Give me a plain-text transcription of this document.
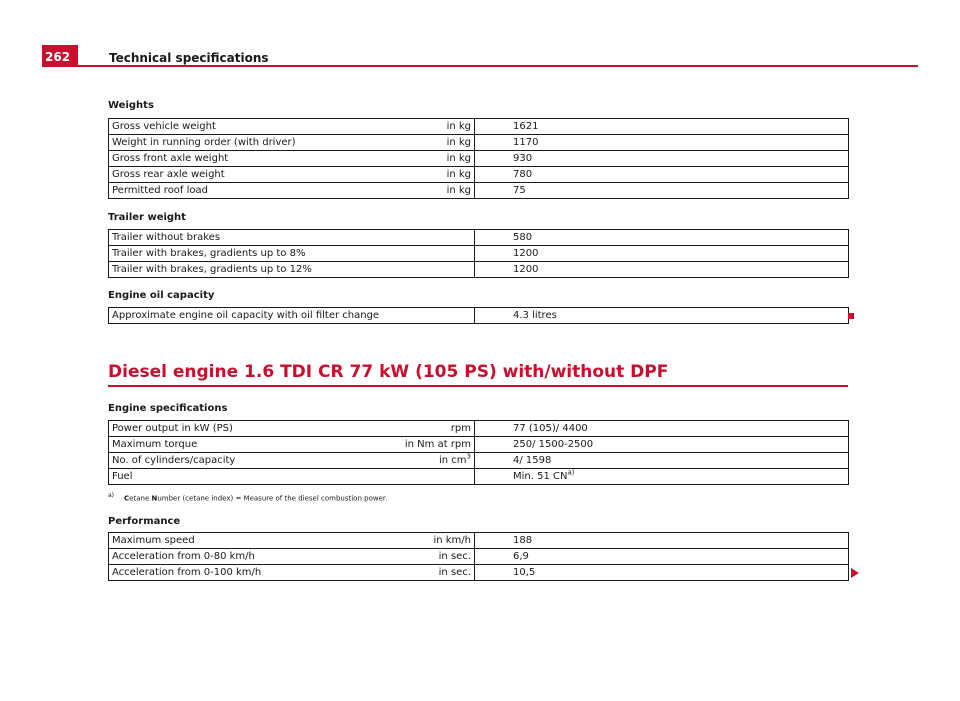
262	Technical specifications
Weights
Gross vehicle weight in kg	1621

Weight in running order (with driver) in kg	1170

Gross front axle weight in kg	930

Gross rear axle weight in kg	780

Permitted roof load in kg	75
Trailer weight
Trailer without brakes	580
Trailer with brakes, gradients up to 8%	1200
Trailer with brakes, gradients up to 12%	1200
Engine oil capacity
Approximate engine oil capacity with oil filter change	4.3 litres
Diesel engine 1.6 TDI CR 77 kW (105 PS) with/without DPF
Engine specifications
Power output in kW (PS) rpm	77 (105)/ 4400

Maximum torque in Nm at rpm	250/ 1500-2500

No. of cylinders/capacity in $cm^3$	4/ 1598
Fuel	Min. 51 CN$^{a)}$
a) Cetane Number (cetane index) = Measure of the diesel combustion power.
Performance
Maximum speed in km/h	188

Acceleration from 0-80 km/h in sec.	6,9

Acceleration from 0-100 km/h in sec.	10,5
